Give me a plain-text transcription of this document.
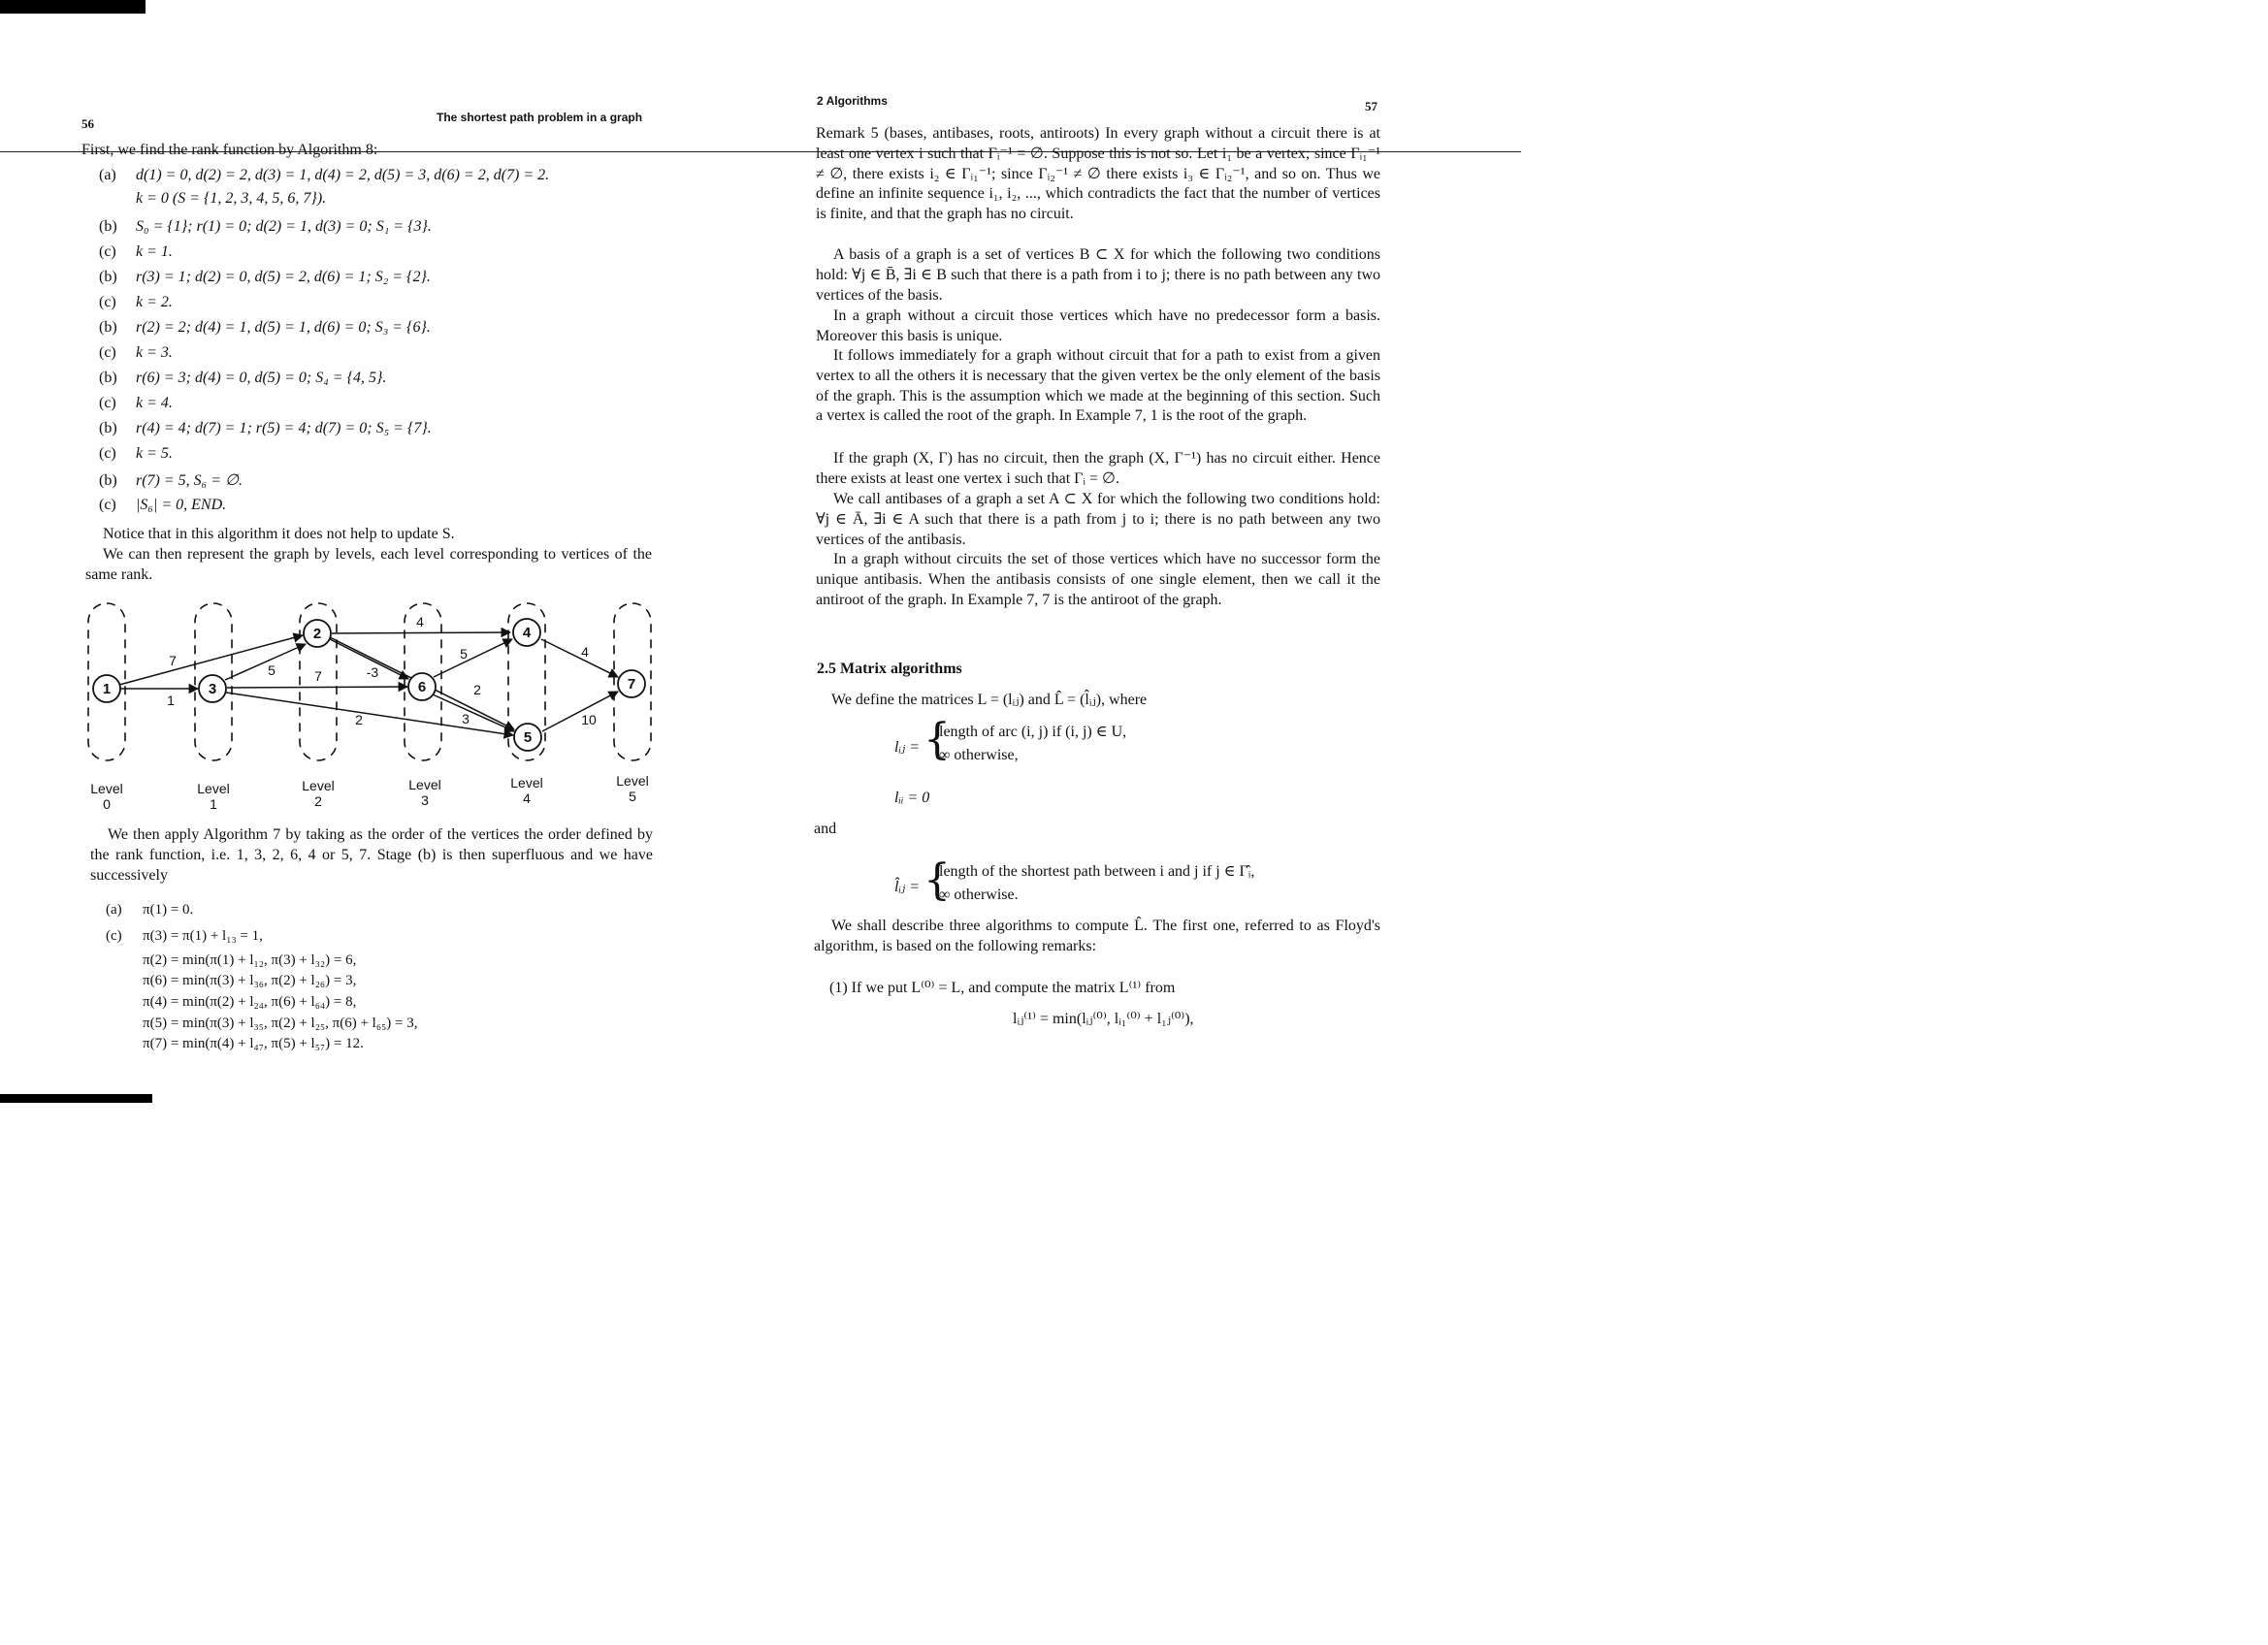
56	The shortest path problem in a graph
First, we find the rank function by Algorithm 8:
(a) d(1) = 0, d(2) = 2, d(3) = 1, d(4) = 2, d(5) = 3, d(6) = 2, d(7) = 2.
k = 0 (S = {1, 2, 3, 4, 5, 6, 7}).
(b) S₀ = {1}; r(1) = 0; d(2) = 1, d(3) = 0; S₁ = {3}.
(c) k = 1.
(b) r(3) = 1; d(2) = 0, d(5) = 2, d(6) = 1; S₂ = {2}.
(c) k = 2.
(b) r(2) = 2; d(4) = 1, d(5) = 1, d(6) = 0; S₃ = {6}.
(c) k = 3.
(b) r(6) = 3; d(4) = 0, d(5) = 0; S₄ = {4, 5}.
(c) k = 4.
(b) r(4) = 4; d(7) = 1; r(5) = 4; d(7) = 0; S₅ = {7}.
(c) k = 5.
(b) r(7) = 5, S₆ = ∅.
(c) |S₆| = 0, END.

Notice that in this algorithm it does not help to update S.

We can then represent the graph by levels, each level corresponding to vertices of the same rank.

1	3
2
6
4
5
7
7
1
5	7	-3
4
5
2
3
2
4
10
Level
0
Level
1
Level
2
Level
3
Level
4
Level
5

We then apply Algorithm 7 by taking as the order of the vertices the order defined by the rank function, i.e. 1, 3, 2, 6, 4 or 5, 7. Stage (b) is then superfluous and we have successively

(a) π(1) = 0.
(c) π(3) = π(1) + l₁₃ = 1,
π(2) = min(π(1) + l₁₂, π(3) + l₃₂) = 6,
π(6) = min(π(3) + l₃₆, π(2) + l₂₆) = 3,
π(4) = min(π(2) + l₂₄, π(6) + l₆₄) = 8,
π(5) = min(π(3) + l₃₅, π(2) + l₂₅, π(6) + l₆₅) = 3,
π(7) = min(π(4) + l₄₇, π(5) + l₅₇) = 12.
2 Algorithms	57

Remark 5 (bases, antibases, roots, antiroots) In every graph without a circuit there is at least one vertex i such that Γᵢ⁻¹ = ∅. Suppose this is not so. Let i₁ be a vertex; since Γᵢ₁⁻¹ ≠ ∅, there exists i₂ ∈ Γᵢ₁⁻¹; since Γᵢ₂⁻¹ ≠ ∅ there exists i₃ ∈ Γᵢ₂⁻¹, and so on. Thus we define an infinite sequence i₁, i₂, ..., which contradicts the fact that the number of vertices is finite, and that the graph has no circuit.

A basis of a graph is a set of vertices B ⊂ X for which the following two conditions hold: ∀j ∈ B̄, ∃i ∈ B such that there is a path from i to j; there is no path between any two vertices of the basis.

In a graph without a circuit those vertices which have no predecessor form a basis. Moreover this basis is unique.

It follows immediately for a graph without circuit that for a path to exist from a given vertex to all the others it is necessary that the given vertex be the only element of the basis of the graph. This is the assumption which we made at the beginning of this section. Such a vertex is called the root of the graph. In Example 7, 1 is the root of the graph.

If the graph (X, Γ) has no circuit, then the graph (X, Γ⁻¹) has no circuit either. Hence there exists at least one vertex i such that Γᵢ = ∅.

We call antibases of a graph a set A ⊂ X for which the following two conditions hold: ∀j ∈ Ā, ∃i ∈ A such that there is a path from j to i; there is no path between any two vertices of the antibasis.

In a graph without circuits the set of those vertices which have no successor form the unique antibasis. When the antibasis consists of one single element, then we call it the antiroot of the graph. In Example 7, 7 is the antiroot of the graph.

2.5 Matrix algorithms
We define the matrices L = (lᵢⱼ) and L̂ = (l̂ᵢⱼ), where
lᵢⱼ = {
length of arc (i, j) if (i, j) ∈ U,
∞ otherwise,
lᵢᵢ = 0
and
l̂ᵢⱼ = {
length of the shortest path between i and j if j ∈ Γ̂ᵢ,
∞ otherwise.

We shall describe three algorithms to compute L̂. The first one, referred to as Floyd's algorithm, is based on the following remarks:

(1) If we put L⁽⁰⁾ = L, and compute the matrix L⁽¹⁾ from
lᵢⱼ⁽¹⁾ = min(lᵢⱼ⁽⁰⁾, lᵢ₁⁽⁰⁾ + l₁ⱼ⁽⁰⁾),
